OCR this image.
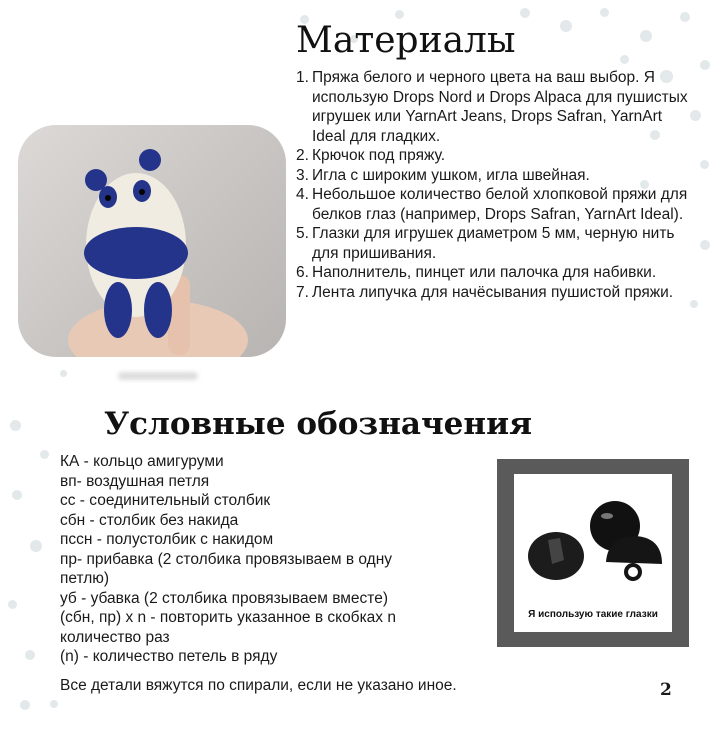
Материалы
1. Пряжа белого и черного цвета на ваш выбор. Я использую Drops Nord и Drops Alpaca для пушистых игрушек или YarnArt Jeans, Drops Safran, YarnArt Ideal для гладких.
2. Крючок под пряжу.
3. Игла с широким ушком, игла швейная.
4. Небольшое количество белой хлопковой пряжи для белков глаз (например, Drops Safran, YarnArt Ideal).
5. Глазки для игрушек диаметром 5 мм, черную нить для пришивания.
6. Наполнитель, пинцет или палочка для набивки.
7. Лента липучка для начёсывания пушистой пряжи.
Условные обозначения
КА - кольцо амигуруми
вп- воздушная петля
сс - соединительный столбик
сбн - столбик без накида
пссн - полустолбик с накидом
пр- прибавка (2 столбика провязываем в одну петлю)
уб - убавка (2 столбика провязываем вместе)
(сбн, пр) x n - повторить указанное в скобках n количество раз
(n) - количество петель в ряду
Все детали вяжутся по спирали, если не указано иное.
Я использую такие глазки
2
